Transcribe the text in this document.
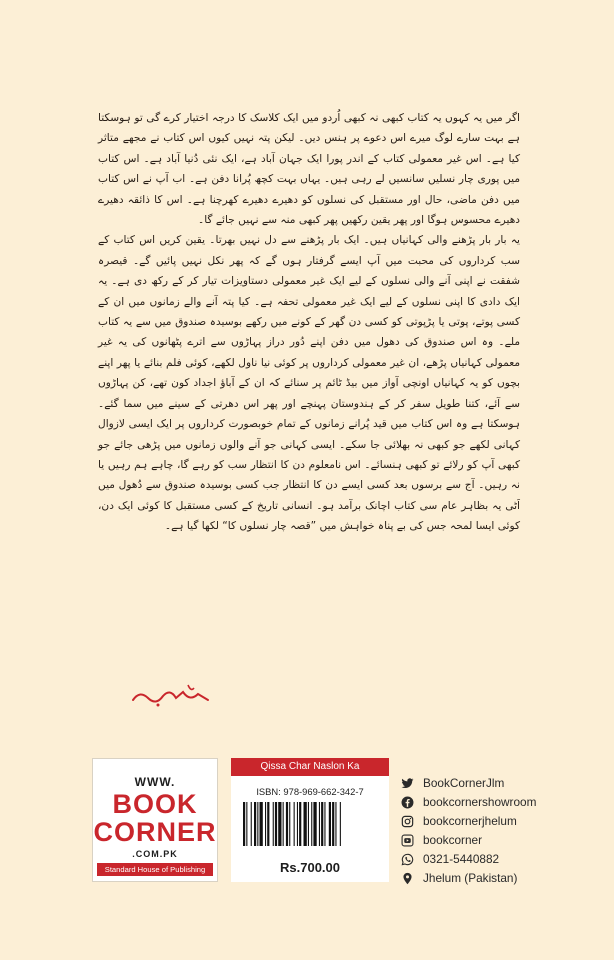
اگر میں یہ کہوں یہ کتاب کبھی نہ کبھی اُردو میں ایک کلاسک کا درجہ اختیار کرے گی تو ہوسکتا ہے بہت سارے لوگ میرے اس دعوے پر ہنس دیں۔ لیکن پتہ نہیں کیوں اس کتاب نے مجھے متاثر کیا ہے۔ اس غیر معمولی کتاب کے اندر پورا ایک جہان آباد ہے، ایک نئی دُنیا آباد ہے۔ اس کتاب میں پوری چار نسلیں سانسیں لے رہی ہیں۔ یہاں بہت کچھ پُرانا دفن ہے۔ اب آپ نے اس کتاب میں دفن ماضی، حال اور مستقبل کی نسلوں کو دھیرے دھیرے کھرچنا ہے۔ اس کا ذائقہ دھیرے دھیرے محسوس ہوگا اور پھر یقین رکھیں پھر کبھی منہ سے نہیں جائے گا۔

یہ بار بار پڑھنے والی کہانیاں ہیں۔ ایک بار پڑھنے سے دل نہیں بھرتا۔ یقین کریں اس کتاب کے سب کرداروں کی محبت میں آپ ایسے گرفتار ہوں گے کہ پھر نکل نہیں پائیں گے۔ قیصرہ شفقت نے اپنی آنے والی نسلوں کے لیے ایک غیر معمولی دستاویزات تیار کر کے رکھ دی ہے۔ یہ ایک دادی کا اپنی نسلوں کے لیے ایک غیر معمولی تحفہ ہے۔ کیا پتہ آنے والے زمانوں میں ان کے کسی پوتے، پوتی یا پڑپوتی کو کسی دن گھر کے کونے میں رکھے بوسیدہ صندوق میں سے یہ کتاب ملے۔ وہ اس صندوق کی دھول میں دفن اپنے دُور دراز پہاڑوں سے اترے پٹھانوں کی یہ غیر معمولی کہانیاں پڑھے، ان غیر معمولی کرداروں پر کوئی نیا ناول لکھے، کوئی فلم بنائے یا پھر اپنے بچوں کو یہ کہانیاں اونچی آواز میں بیڈ ٹائم پر سنائے کہ ان کے آباؤ اجداد کون تھے، کن پہاڑوں سے آئے، کتنا طویل سفر کر کے ہندوستان پہنچے اور پھر اس دھرتی کے سینے میں سما گئے۔ ہوسکتا ہے وہ اس کتاب میں قید پُرانے زمانوں کے تمام خوبصورت کرداروں پر ایک ایسی لازوال کہانی لکھے جو کبھی نہ بھلائی جا سکے۔ ایسی کہانی جو آنے والوں زمانوں میں پڑھی جائے جو کبھی آپ کو رلائے تو کبھی ہنسائے۔ اس نامعلوم دن کا انتظار سب کو رہے گا، چاہے ہم رہیں یا نہ رہیں۔ آج سے برسوں بعد کسی ایسے دن کا انتظار جب کسی بوسیدہ صندوق سے دُھول میں اَٹی یہ بظاہر عام سی کتاب اچانک برآمد ہو۔ انسانی تاریخ کے کسی مستقبل کا کوئی ایک دن، کوئی ایسا لمحہ جس کی بے پناہ خواہش میں ”قصہ چار نسلوں کا“ لکھا گیا ہے۔

WWW.
BOOK
CORNER
.COM.PK
Standard House of Publishing
Qissa Char Naslon Ka
ISBN: 978-969-662-342-7
Rs.700.00
BookCornerJlm
bookcornershowroom
bookcornerjhelum
bookcorner
0321-5440882
Jhelum (Pakistan)
